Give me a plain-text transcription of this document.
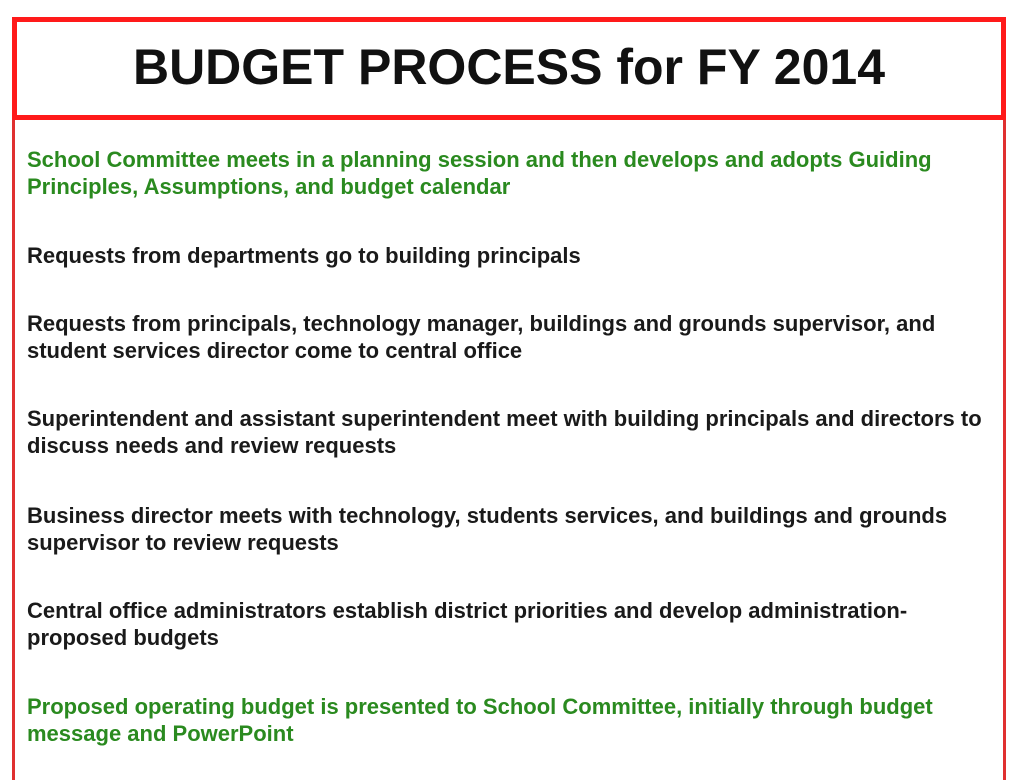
BUDGET PROCESS for FY 2014

School Committee meets in a planning session and then develops and adopts Guiding Principles, Assumptions, and budget calendar

Requests from departments go to building principals

Requests from principals, technology manager, buildings and grounds supervisor, and student services director come to central office

Superintendent and assistant superintendent meet with building principals and directors to discuss needs and review requests

Business director meets with technology, students services, and buildings and grounds supervisor to review requests

Central office administrators establish district priorities and develop administration- proposed budgets

Proposed operating budget is presented to School Committee, initially through budget message and PowerPoint
